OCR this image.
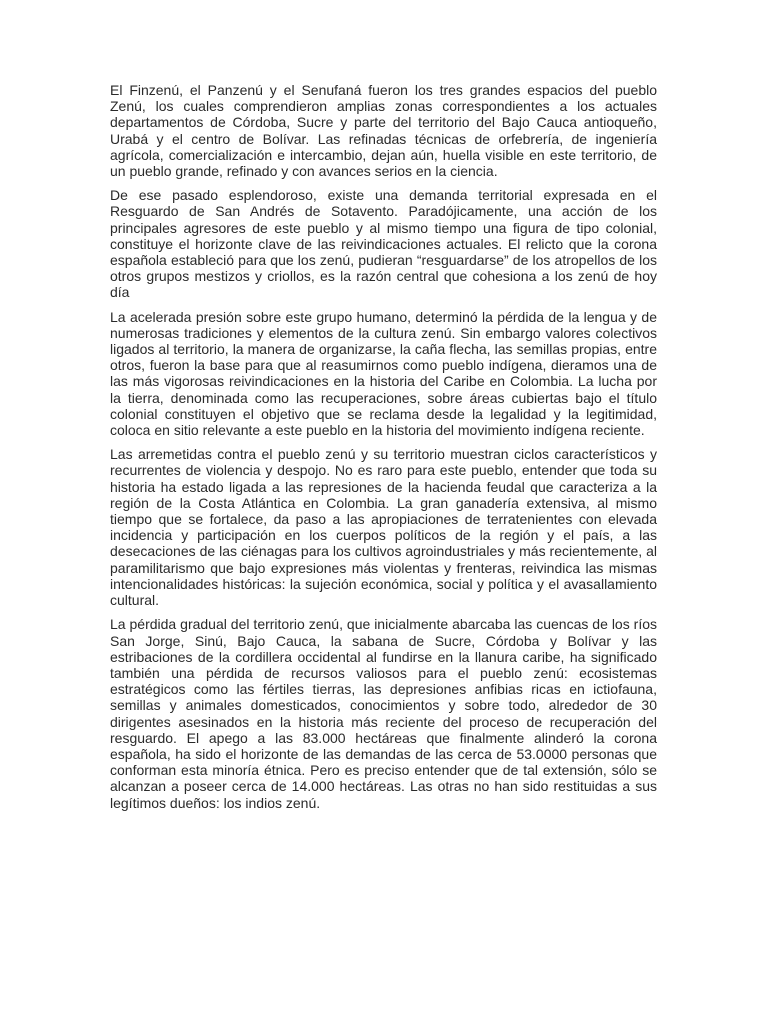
El Finzenú, el Panzenú y el Senufaná fueron los tres grandes espacios del pueblo Zenú, los cuales comprendieron amplias zonas correspondientes a los actuales departamentos de Córdoba, Sucre y parte del territorio del Bajo Cauca antioqueño, Urabá y el centro de Bolívar. Las refinadas técnicas de orfebrería, de ingeniería agrícola, comercialización e intercambio, dejan aún, huella visible en este territorio, de un pueblo grande, refinado y con avances serios en la ciencia.

De ese pasado esplendoroso, existe una demanda territorial expresada en el Resguardo de San Andrés de Sotavento. Paradójicamente, una acción de los principales agresores de este pueblo y al mismo tiempo una figura de tipo colonial, constituye el horizonte clave de las reivindicaciones actuales. El relicto que la corona española estableció para que los zenú, pudieran “resguardarse” de los atropellos de los otros grupos mestizos y criollos, es la razón central que cohesiona a los zenú de hoy día

La acelerada presión sobre este grupo humano, determinó la pérdida de la lengua y de numerosas tradiciones y elementos de la cultura zenú. Sin embargo valores colectivos ligados al territorio, la manera de organizarse, la caña flecha, las semillas propias, entre otros, fueron la base para que al reasumirnos como pueblo indígena, dieramos una de las más vigorosas reivindicaciones en la historia del Caribe en Colombia. La lucha por la tierra, denominada como las recuperaciones, sobre áreas cubiertas bajo el título colonial constituyen el objetivo que se reclama desde la legalidad y la legitimidad, coloca en sitio relevante a este pueblo en la historia del movimiento indígena reciente.

Las arremetidas contra el pueblo zenú y su territorio muestran ciclos característicos y recurrentes de violencia y despojo. No es raro para este pueblo, entender que toda su historia ha estado ligada a las represiones de la hacienda feudal que caracteriza a la región de la Costa Atlántica en Colombia. La gran ganadería extensiva, al mismo tiempo que se fortalece, da paso a las apropiaciones de terratenientes con elevada incidencia y participación en los cuerpos políticos de la región y el país, a las desecaciones de las ciénagas para los cultivos agroindustriales y más recientemente, al paramilitarismo que bajo expresiones más violentas y frenteras, reivindica las mismas intencionalidades históricas: la sujeción económica, social y política y el avasallamiento cultural.

La pérdida gradual del territorio zenú, que inicialmente abarcaba las cuencas de los ríos San Jorge, Sinú, Bajo Cauca, la sabana de Sucre, Córdoba y Bolívar y las estribaciones de la cordillera occidental al fundirse en la llanura caribe, ha significado también una pérdida de recursos valiosos para el pueblo zenú: ecosistemas estratégicos como las fértiles tierras, las depresiones anfibias ricas en ictiofauna, semillas y animales domesticados, conocimientos y sobre todo, alrededor de 30 dirigentes asesinados en la historia más reciente del proceso de recuperación del resguardo. El apego a las 83.000 hectáreas que finalmente alinderó la corona española, ha sido el horizonte de las demandas de las cerca de 53.0000 personas que conforman esta minoría étnica. Pero es preciso entender que de tal extensión, sólo se alcanzan a poseer cerca de 14.000 hectáreas. Las otras no han sido restituidas a sus legítimos dueños: los indios zenú.
